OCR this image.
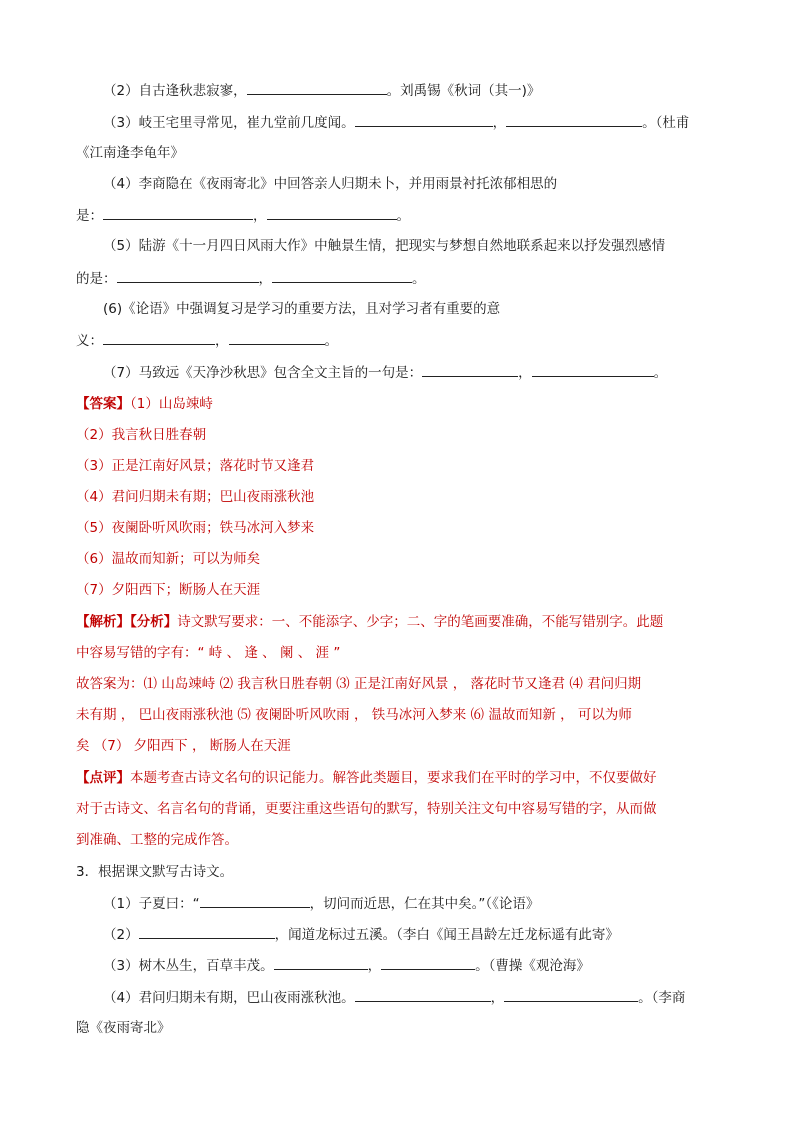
（2）自古逢秋悲寂寥，	。刘禹锡《秋词（其一)》
（3）岐王宅里寻常见，崔九堂前几度闻。	，	。（杜甫
《江南逢李龟年》
（4）李商隐在《夜雨寄北》中回答亲人归期未卜，并用雨景衬托浓郁相思的
是：	，	。
（5）陆游《十一月四日风雨大作》中触景生情，把现实与梦想自然地联系起来以抒发强烈感情
的是：	，	。
(6)《论语》中强调复习是学习的重要方法，且对学习者有重要的意
义：	，	。
（7）马致远《天净沙秋思》包含全文主旨的一句是：	，	。
【答案】（1）山岛竦峙
（2）我言秋日胜春朝
（3）正是江南好风景；落花时节又逢君
（4）君问归期未有期；巴山夜雨涨秋池
（5）夜阑卧听风吹雨；铁马冰河入梦来
（6）温故而知新；可以为师矣
（7）夕阳西下；断肠人在天涯
【解析】【分析】诗文默写要求：一、不能添字、少字；二、字的笔画要准确，不能写错别字。此题
中容易写错的字有：“ 峙 、 逢 、 阑 、 涯 ”
故答案为：⑴ 山岛竦峙 ⑵ 我言秋日胜春朝 ⑶ 正是江南好风景 ， 落花时节又逢君 ⑷ 君问归期
未有期 ， 巴山夜雨涨秋池 ⑸ 夜阑卧听风吹雨 ， 铁马冰河入梦来 ⑹ 温故而知新 ， 可以为师
矣 （7） 夕阳西下 ， 断肠人在天涯
【点评】本题考查古诗文名句的识记能力。解答此类题目，要求我们在平时的学习中，不仅要做好
对于古诗文、名言名句的背诵，更要注重这些语句的默写，特别关注文句中容易写错的字，从而做
到准确、工整的完成作答。
3．根据课文默写古诗文。
（1）子夏曰：“	，切问而近思，仁在其中矣。”（《论语》
（2）	，闻道龙标过五溪。（李白《闻王昌龄左迁龙标遥有此寄》
（3）树木丛生，百草丰茂。	，	。（曹操《观沧海》
（4）君问归期未有期，巴山夜雨涨秋池。	，	。（李商
隐《夜雨寄北》
